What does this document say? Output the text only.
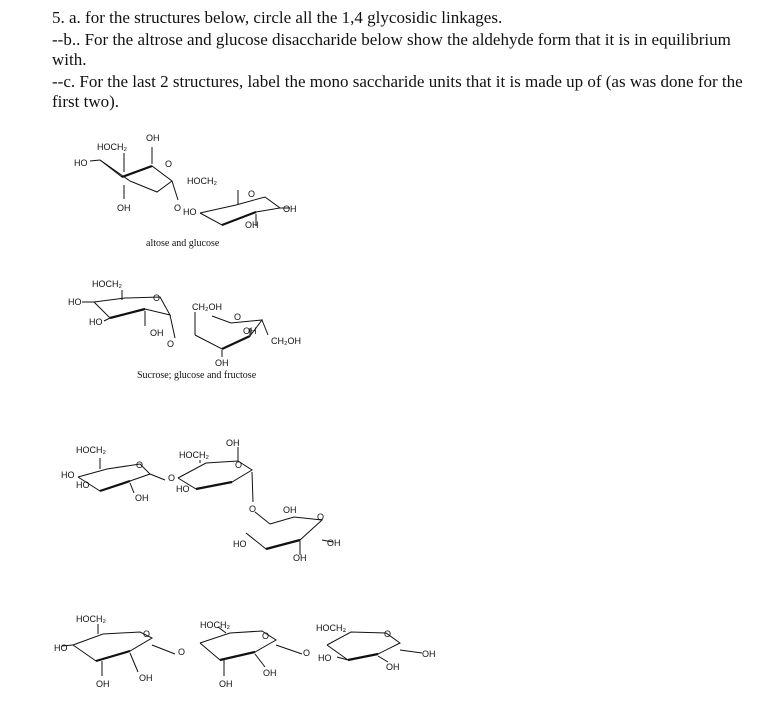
5. a. for the structures below, circle all the 1,4 glycosidic linkages.

--b.. For the altrose and glucose disaccharide below show the aldehyde form that it is in equilibrium with.

--c. For the last 2 structures, label the mono saccharide units that it is made up of (as was done for the first two).

HOCH₂
OH
HO	O
OH	O
HOCH₂
O
HO	OH
OH
altose and glucose
HOCH₂
HO
HO
O
OH
O
CH₂OH
O
OH
CH₂OH
OH
Sucrose; glucose and fructose
HOCH₂
HO
HO
O
OH
O
HOCH₂
HO
OH
O
O	OH
O
HO	OH
OH
HOCH₂
HO
O
OH
OH
O
HOCH₂
O
OH
OH
O
HOCH₂
O
HO	OH
OH
